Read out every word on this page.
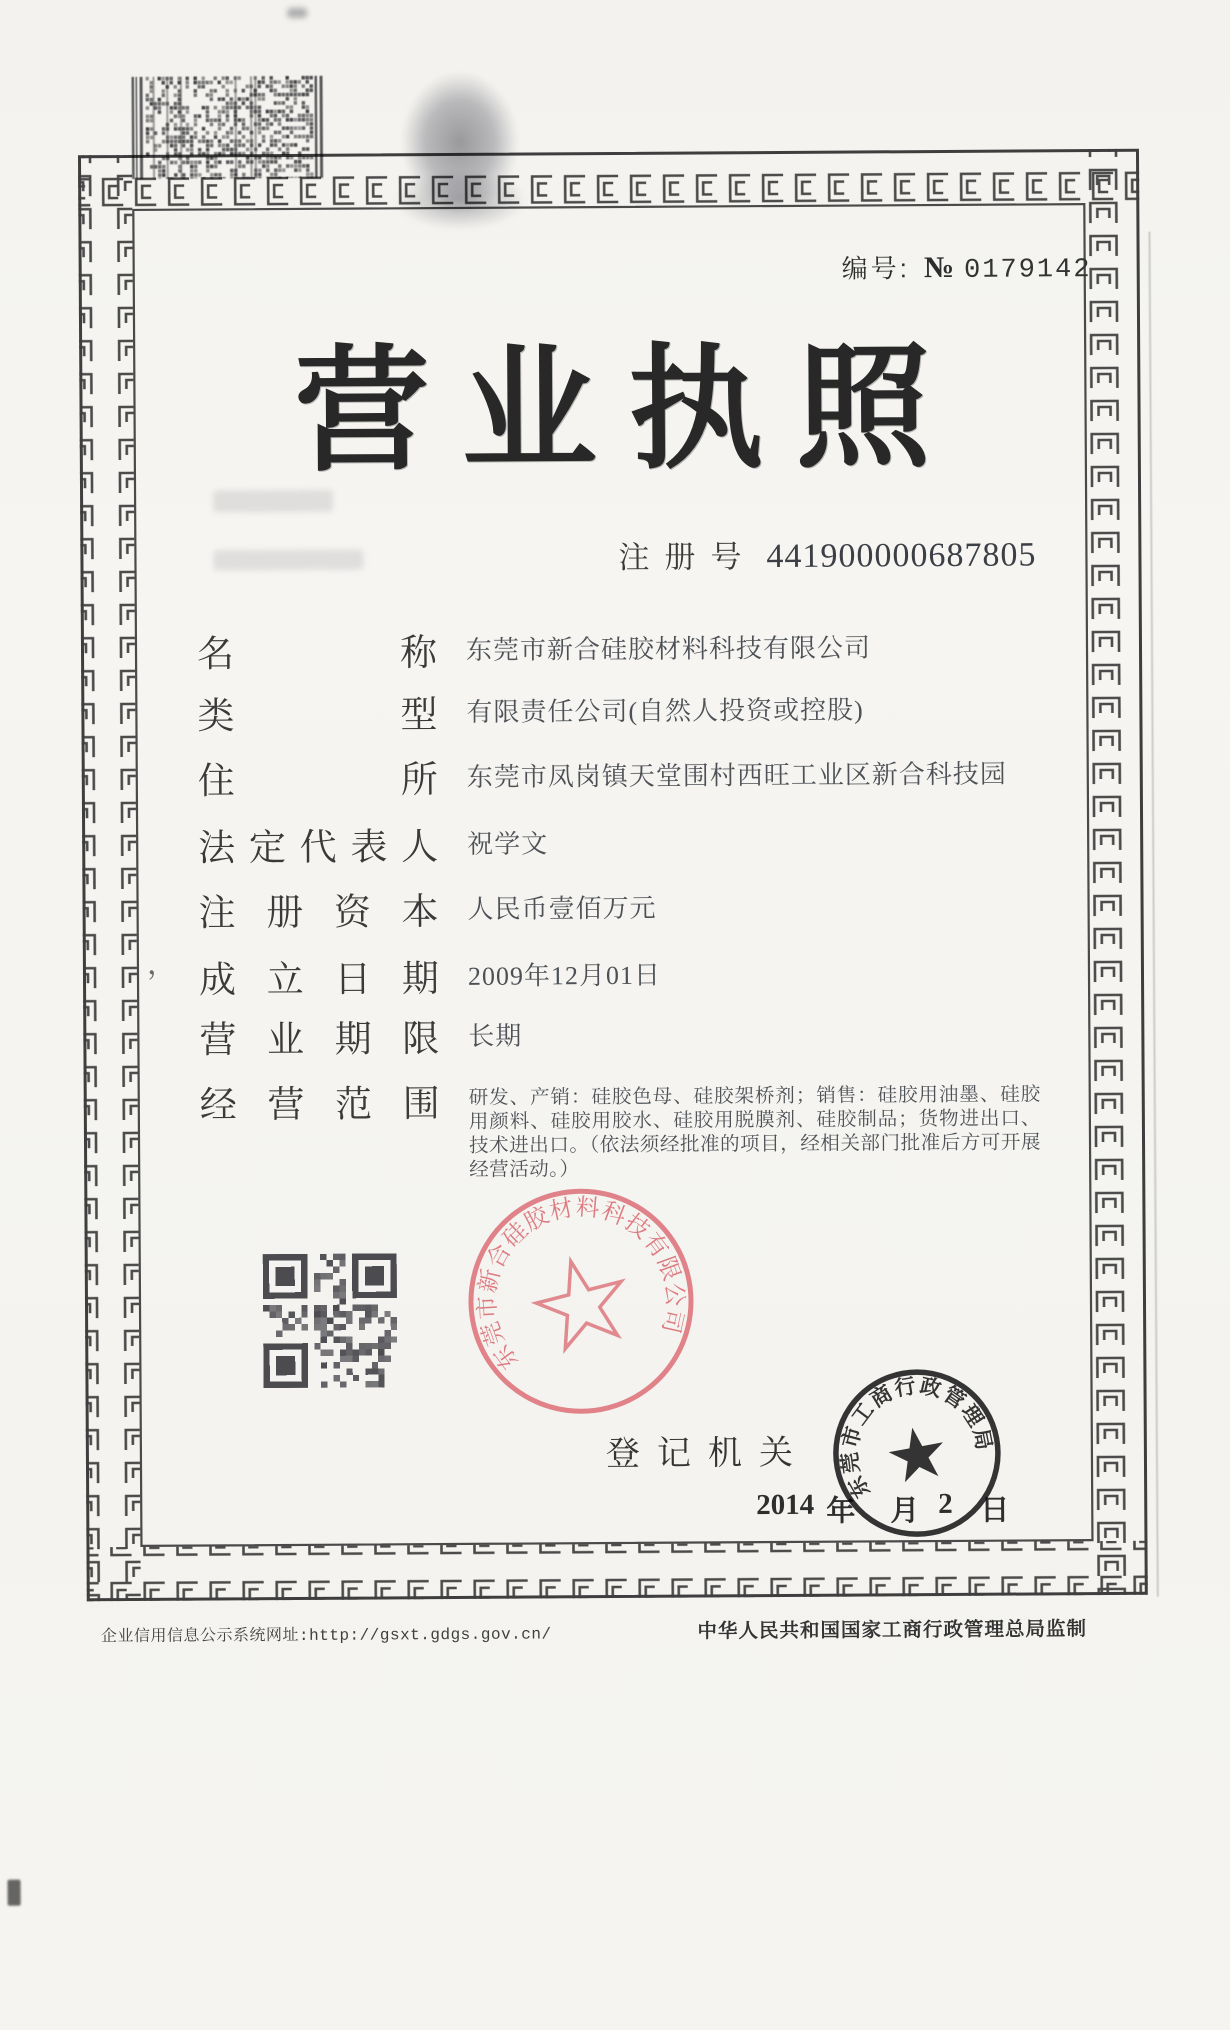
编号: № 0179142
营业执照
注册号 441900000687805
名	称 东莞市新合硅胶材料科技有限公司
类	型 有限责任公司(自然人投资或控股)
住	所 东莞市凤岗镇天堂围村西旺工业区新合科技园
法 定 代 表 人 祝学文
注 册 资 本 人民币壹佰万元
成 立 日 期 2009年12月01日
营 业 期 限 长期
经 营 范 围 研发、产销：硅胶色母、硅胶架桥剂；销售：硅胶用油墨、硅胶用颜料、硅胶用胶水、硅胶用脱膜剂、硅胶制品；货物进出口、技术进出口。（依法须经批准的项目，经相关部门批准后方可开展经营活动。）
登记机关
2014 年 月 2 日
东莞市新合硅胶材料科技有限公司
东莞市工商行政管理局
企业信用信息公示系统网址:http://gsxt.gdgs.gov.cn/	中华人民共和国国家工商行政管理总局监制
，
